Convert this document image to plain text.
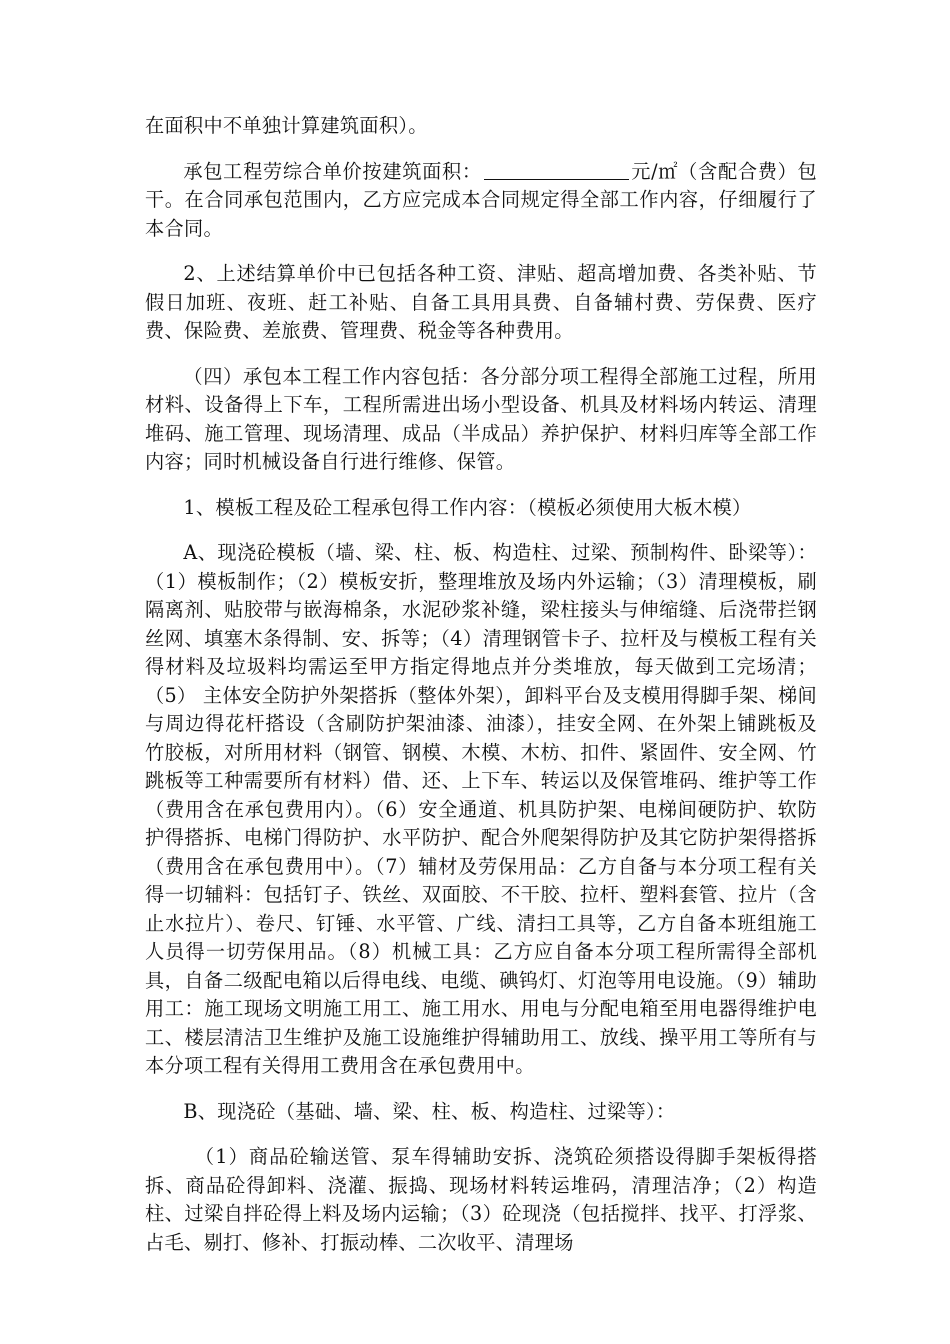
在面积中不单独计算建筑面积）。

承包工程劳综合单价按建筑面积：	元/㎡（含配合费）包干。在合同承包范围内，乙方应完成本合同规定得全部工作内容，仔细履行了本合同。

2、上述结算单价中已包括各种工资、津贴、超高增加费、各类补贴、节假日加班、夜班、赶工补贴、自备工具用具费、自备辅村费、劳保费、医疗费、保险费、差旅费、管理费、税金等各种费用。

（四）承包本工程工作内容包括：各分部分项工程得全部施工过程，所用材料、设备得上下车，工程所需进出场小型设备、机具及材料场内转运、清理堆码、施工管理、现场清理、成品（半成品）养护保护、材料归库等全部工作内容；同时机械设备自行进行维修、保管。

1、模板工程及砼工程承包得工作内容：（模板必须使用大板木模）

A、现浇砼模板（墙、梁、柱、板、构造柱、过梁、预制构件、卧梁等）：（1）模板制作；（2）模板安折，整理堆放及场内外运输；（3）清理模板，刷隔离剂、贴胶带与嵌海棉条，水泥砂浆补缝，梁柱接头与伸缩缝、后浇带拦钢丝网、填塞木条得制、安、拆等；（4）清理钢管卡子、拉杆及与模板工程有关得材料及垃圾料均需运至甲方指定得地点并分类堆放，每天做到工完场清；（5） 主体安全防护外架搭拆（整体外架），卸料平台及支模用得脚手架、梯间与周边得花杆搭设（含刷防护架油漆、油漆），挂安全网、在外架上铺跳板及竹胶板，对所用材料（钢管、钢模、木模、木枋、扣件、紧固件、安全网、竹跳板等工种需要所有材料）借、还、上下车、转运以及保管堆码、维护等工作（费用含在承包费用内）。（6）安全通道、机具防护架、电梯间硬防护、软防护得搭拆、电梯门得防护、水平防护、配合外爬架得防护及其它防护架得搭拆（费用含在承包费用中）。（7）辅材及劳保用品：乙方自备与本分项工程有关得一切辅料：包括钉子、铁丝、双面胶、不干胶、拉杆、塑料套管、拉片（含止水拉片）、卷尺、钉锤、水平管、广线、清扫工具等，乙方自备本班组施工人员得一切劳保用品。（8）机械工具：乙方应自备本分项工程所需得全部机具，自备二级配电箱以后得电线、电缆、碘钨灯、灯泡等用电设施。（9）辅助用工：施工现场文明施工用工、施工用水、用电与分配电箱至用电器得维护电工、楼层清洁卫生维护及施工设施维护得辅助用工、放线、操平用工等所有与本分项工程有关得用工费用含在承包费用中。

B、现浇砼（基础、墙、梁、柱、板、构造柱、过梁等）：

（1）商品砼输送管、泵车得辅助安拆、浇筑砼须搭设得脚手架板得搭拆、商品砼得卸料、浇灌、振捣、现场材料转运堆码，清理洁净；（2）构造柱、过梁自拌砼得上料及场内运输；（3）砼现浇（包括搅拌、找平、打浮浆、占毛、剔打、修补、打振动棒、二次收平、清理场
